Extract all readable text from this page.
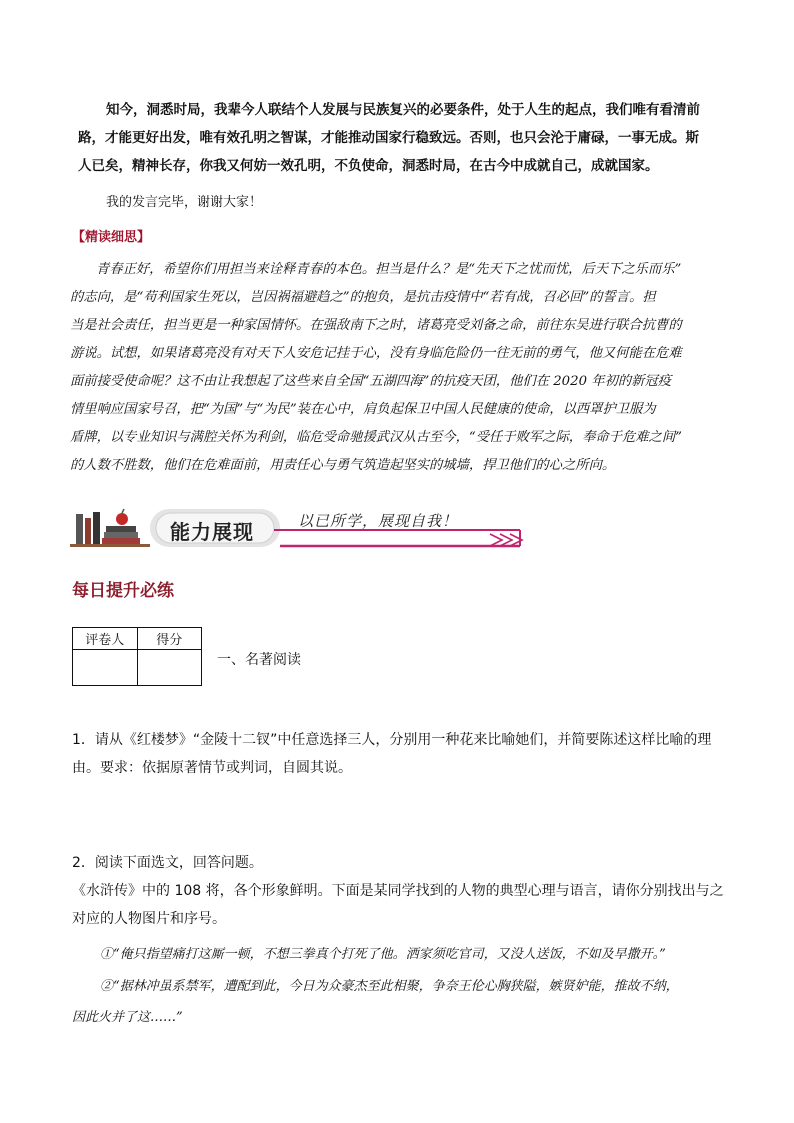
知今，洞悉时局，我辈今人联结个人发展与民族复兴的必要条件，处于人生的起点，我们唯有看清前
路，才能更好出发，唯有效孔明之智谋，才能推动国家行稳致远。否则，也只会沦于庸碌，一事无成。斯
人已矣，精神长存，你我又何妨一效孔明，不负使命，洞悉时局，在古今中成就自己，成就国家。
我的发言完毕，谢谢大家！
【精读细思】
青春正好，希望你们用担当来诠释青春的本色。担当是什么？是“先天下之忧而忧，后天下之乐而乐”
的志向，是“苟利国家生死以，岂因祸福避趋之”的抱负，是抗击疫情中“若有战，召必回”的誓言。担
当是社会责任，担当更是一种家国情怀。在强敌南下之时，诸葛亮受刘备之命，前往东吴进行联合抗曹的
游说。试想，如果诸葛亮没有对天下人安危记挂于心，没有身临危险仍一往无前的勇气，他又何能在危难
面前接受使命呢？这不由让我想起了这些来自全国“五湖四海”的抗疫天团，他们在 2020 年初的新冠疫
情里响应国家号召，把“为国”与“为民”装在心中，肩负起保卫中国人民健康的使命，以西罩护卫服为
盾牌，以专业知识与满腔关怀为利剑，临危受命驰援武汉从古至今，“受任于败军之际，奉命于危难之间”
的人数不胜数，他们在危难面前，用责任心与勇气筑造起坚实的城墙，捍卫他们的心之所向。
能力展现	以已所学，展现自我！
每日提升必练
评卷人	得分

一、名著阅读
1．请从《红楼梦》“金陵十二钗”中任意选择三人，分别用一种花来比喻她们，并简要陈述这样比喻的理
由。要求：依据原著情节或判词，自圆其说。
2．阅读下面选文，回答问题。
《水浒传》中的 108 将，各个形象鲜明。下面是某同学找到的人物的典型心理与语言，请你分别找出与之
对应的人物图片和序号。
①“俺只指望痛打这厮一顿，不想三拳真个打死了他。洒家须吃官司，又没人送饭，不如及早撒开。”
②“据林冲虽系禁军，遭配到此，今日为众豪杰至此相聚，争奈王伦心胸狭隘，嫉贤妒能，推故不纳，
因此火并了这……”
